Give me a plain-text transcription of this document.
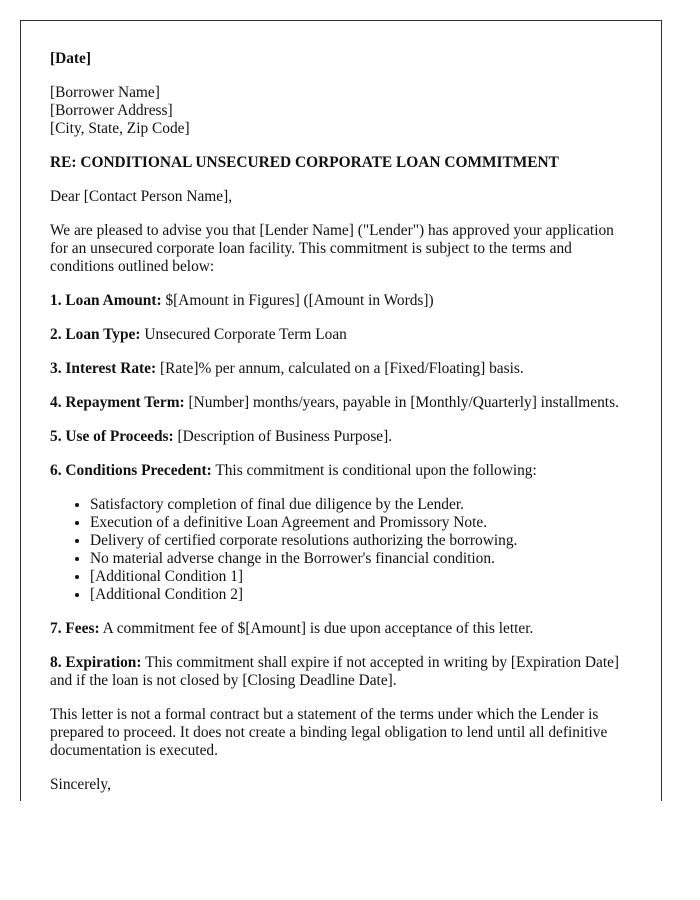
[Date]

[Borrower Name]

[Borrower Address]

[City, State, Zip Code]

RE: CONDITIONAL UNSECURED CORPORATE LOAN COMMITMENT

Dear [Contact Person Name],

We are pleased to advise you that [Lender Name] ("Lender") has approved your application for an unsecured corporate loan facility. This commitment is subject to the terms and conditions outlined below:

1. Loan Amount: $[Amount in Figures] ([Amount in Words])

2. Loan Type: Unsecured Corporate Term Loan

3. Interest Rate: [Rate]% per annum, calculated on a [Fixed/Floating] basis.

4. Repayment Term: [Number] months/years, payable in [Monthly/Quarterly] installments.

5. Use of Proceeds: [Description of Business Purpose].

6. Conditions Precedent: This commitment is conditional upon the following:

• Satisfactory completion of final due diligence by the Lender.
• Execution of a definitive Loan Agreement and Promissory Note.
• Delivery of certified corporate resolutions authorizing the borrowing.
• No material adverse change in the Borrower's financial condition.
• [Additional Condition 1]
• [Additional Condition 2]

7. Fees: A commitment fee of $[Amount] is due upon acceptance of this letter.

8. Expiration: This commitment shall expire if not accepted in writing by [Expiration Date] and if the loan is not closed by [Closing Deadline Date].

This letter is not a formal contract but a statement of the terms under which the Lender is prepared to proceed. It does not create a binding legal obligation to lend until all definitive documentation is executed.

Sincerely,
